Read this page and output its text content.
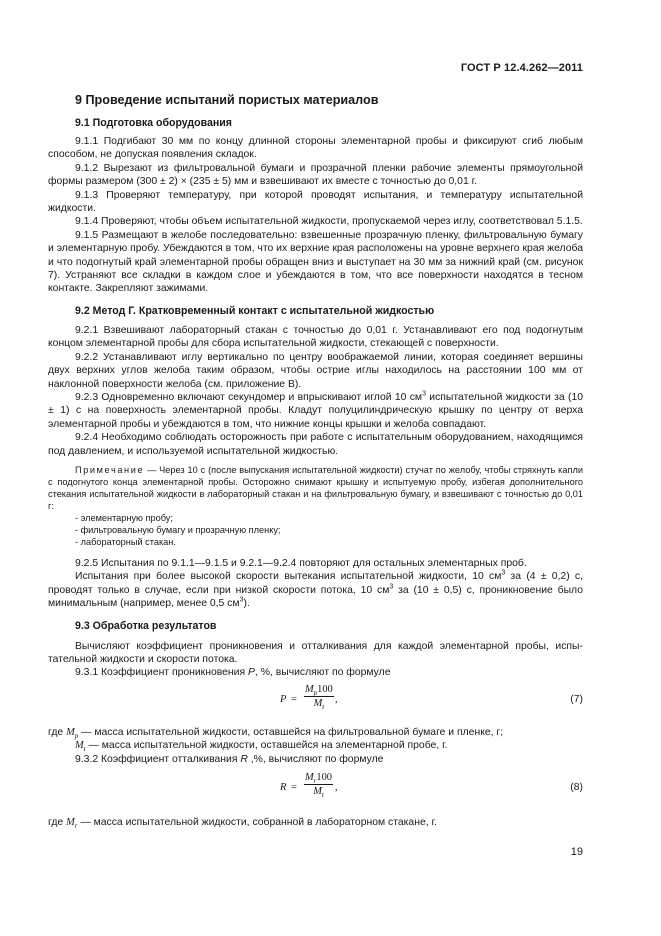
ГОСТ Р 12.4.262—2011
9 Проведение испытаний пористых материалов
9.1 Подготовка оборудования

9.1.1 Подгибают 30 мм по концу длинной стороны элементарной пробы и фиксируют сгиб любым способом, не допуская появления складок.

9.1.2 Вырезают из фильтровальной бумаги и прозрачной пленки рабочие элементы прямоугольной формы размером (300 ± 2) × (235 ± 5) мм и взвешивают их вместе с точностью до 0,01 г.

9.1.3 Проверяют температуру, при которой проводят испытания, и температуру испытательной жидкости.

9.1.4 Проверяют, чтобы объем испытательной жидкости, пропускаемой через иглу, соответствовал 5.1.5.

9.1.5 Размещают в желобе последовательно: взвешенные прозрачную пленку, фильтровальную бумагу и элементарную пробу. Убеждаются в том, что их верхние края расположены на уровне верхнего края желоба и что подогнутый край элементарной пробы обращен вниз и выступает на 30 мм за нижний край (см. рисунок 7). Устраняют все складки в каждом слое и убеждаются в том, что все поверхности находятся в тесном контакте. Закрепляют зажимами.

9.2 Метод Г. Кратковременный контакт с испытательной жидкостью

9.2.1 Взвешивают лабораторный стакан с точностью до 0,01 г. Устанавливают его под подогнутым концом элементарной пробы для сбора испытательной жидкости, стекающей с поверхности.

9.2.2 Устанавливают иглу вертикально по центру воображаемой линии, которая соединяет вершины двух верхних углов желоба таким образом, чтобы острие иглы находилось на расстоянии 100 мм от наклонной поверхности желоба (см. приложение В).

9.2.3 Одновременно включают секундомер и впрыскивают иглой 10 $см^3$ испытательной жидкости за (10 ± 1) с на поверхность элементарной пробы. Кладут полуцилиндрическую крышку по центру от верха элементарной пробы и убеждаются в том, что нижние концы крышки и желоба совпадают.

9.2.4 Необходимо соблюдать осторожность при работе с испытательным оборудованием, находящимся под давлением, и используемой испытательной жидкостью.

Примечание — Через 10 с (после выпускания испытательной жидкости) стучат по желобу, чтобы стряхнуть капли с подогнутого конца элементарной пробы. Осторожно снимают крышку и испытуемую пробу, избегая дополнительного стекания испытательной жидкости в лабораторный стакан и на фильтровальную бумагу, и взвешивают с точностью до 0,01 г:

- элементарную пробу;

- фильтровальную бумагу и прозрачную пленку;

- лабораторный стакан.

9.2.5 Испытания по 9.1.1—9.1.5 и 9.2.1—9.2.4 повторяют для остальных элементарных проб.

Испытания при более высокой скорости вытекания испытательной жидкости, 10 $см^3$ за (4 ± 0,2) с, проводят только в случае, если при низкой скорости потока, 10 $см^3$ за (10 ± 0,5) с, проникновение было минимальным (например, менее 0,5 $см^3$).

9.3 Обработка результатов

Вычисляют коэффициент проникновения и отталкивания для каждой элементарной пробы, испытательной жидкости и скорости потока.

9.3.1 Коэффициент проникновения P, %, вычисляют по формуле

$P = \frac{M_p100}{M_t}$ ,	(7)

где $M_p$ — масса испытательной жидкости, оставшейся на фильтровальной бумаге и пленке, г;

$M_t$ — масса испытательной жидкости, оставшейся на элементарной пробе, г.

9.3.2 Коэффициент отталкивания R ,%, вычисляют по формуле

$R = \frac{M_r100}{M_t}$ ,	(8)

где $M_r$ — масса испытательной жидкости, собранной в лабораторном стакане, г.

19
